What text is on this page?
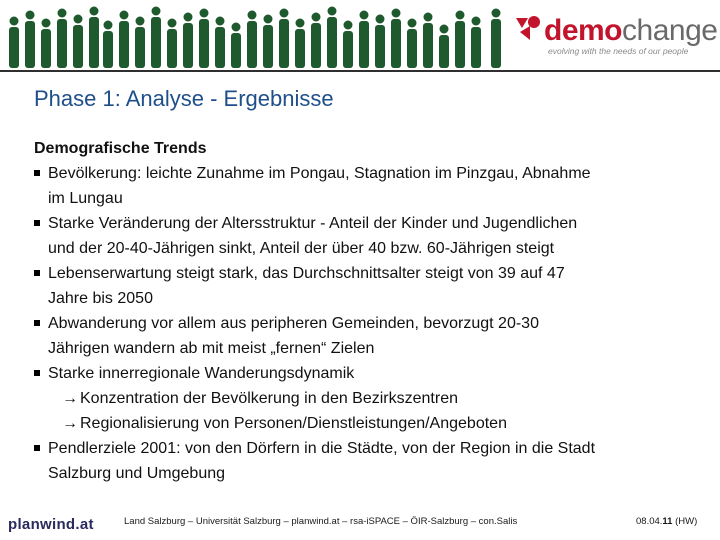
demochange
evolving with the needs of our people
Phase 1: Analyse - Ergebnisse
Demografische Trends
Bevölkerung: leichte Zunahme im Pongau, Stagnation im Pinzgau, Abnahme
im Lungau
Starke Veränderung der Altersstruktur - Anteil der Kinder und Jugendlichen
und der 20-40-Jährigen sinkt, Anteil der über 40 bzw. 60-Jährigen steigt
Lebenserwartung steigt stark, das Durchschnittsalter steigt von 39 auf 47
Jahre bis 2050
Abwanderung vor allem aus peripheren Gemeinden, bevorzugt 20-30
Jährigen wandern ab mit meist „fernen“ Zielen
Starke innerregionale Wanderungsdynamik
→ Konzentration der Bevölkerung in den Bezirkszentren
→ Regionalisierung von Personen/Dienstleistungen/Angeboten
Pendlerziele 2001: von den Dörfern in die Städte, von der Region in die Stadt
Salzburg und Umgebung
planwind.at	Land Salzburg – Universität Salzburg – planwind.at – rsa-iSPACE – ÖIR-Salzburg – con.Salis	08.04.11 (HW)
